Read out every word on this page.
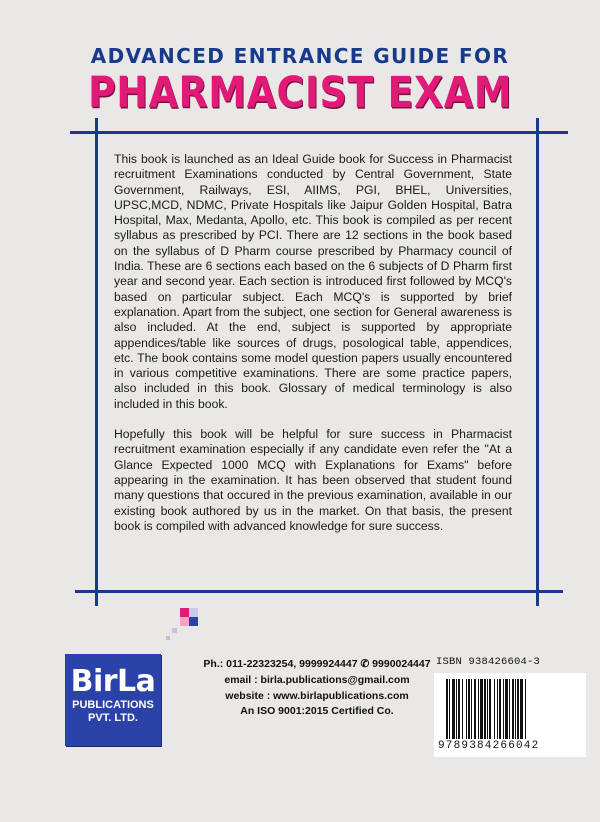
ADVANCED ENTRANCE GUIDE FOR
PHARMACIST EXAM

This book is launched as an Ideal Guide book for Success in Pharmacist recruitment Examinations conducted by Central Government, State Government, Railways, ESI, AIIMS, PGI, BHEL, Universities, UPSC,MCD, NDMC, Private Hospitals like Jaipur Golden Hospital, Batra Hospital, Max, Medanta, Apollo, etc. This book is compiled as per recent syllabus as prescribed by PCI. There are 12 sections in the book based on the syllabus of D Pharm course prescribed by Pharmacy council of India. These are 6 sections each based on the 6 subjects of D Pharm first year and second year. Each section is introduced first followed by MCQ's based on particular subject. Each MCQ's is supported by brief explanation. Apart from the subject, one section for General awareness is also included. At the end, subject is supported by appropriate appendices/table like sources of drugs, posological table, appendices, etc. The book contains some model question papers usually encountered in various competitive examinations. There are some practice papers, also included in this book. Glossary of medical terminology is also included in this book.

Hopefully this book will be helpful for sure success in Pharmacist recruitment examination especially if any candidate even refer the "At a Glance Expected 1000 MCQ with Explanations for Exams" before appearing in the examination. It has been observed that student found many questions that occured in the previous examination, available in our existing book authored by us in the market. On that basis, the present book is compiled with advanced knowledge for sure success.

BirLa
PUBLICATIONS
PVT. LTD.
Ph.: 011-22323254, 9999924447 ✆ 9990024447
email : birla.publications@gmail.com
website : www.birlapublications.com
An ISO 9001:2015 Certified Co.
ISBN 938426604-3
9789384266042
